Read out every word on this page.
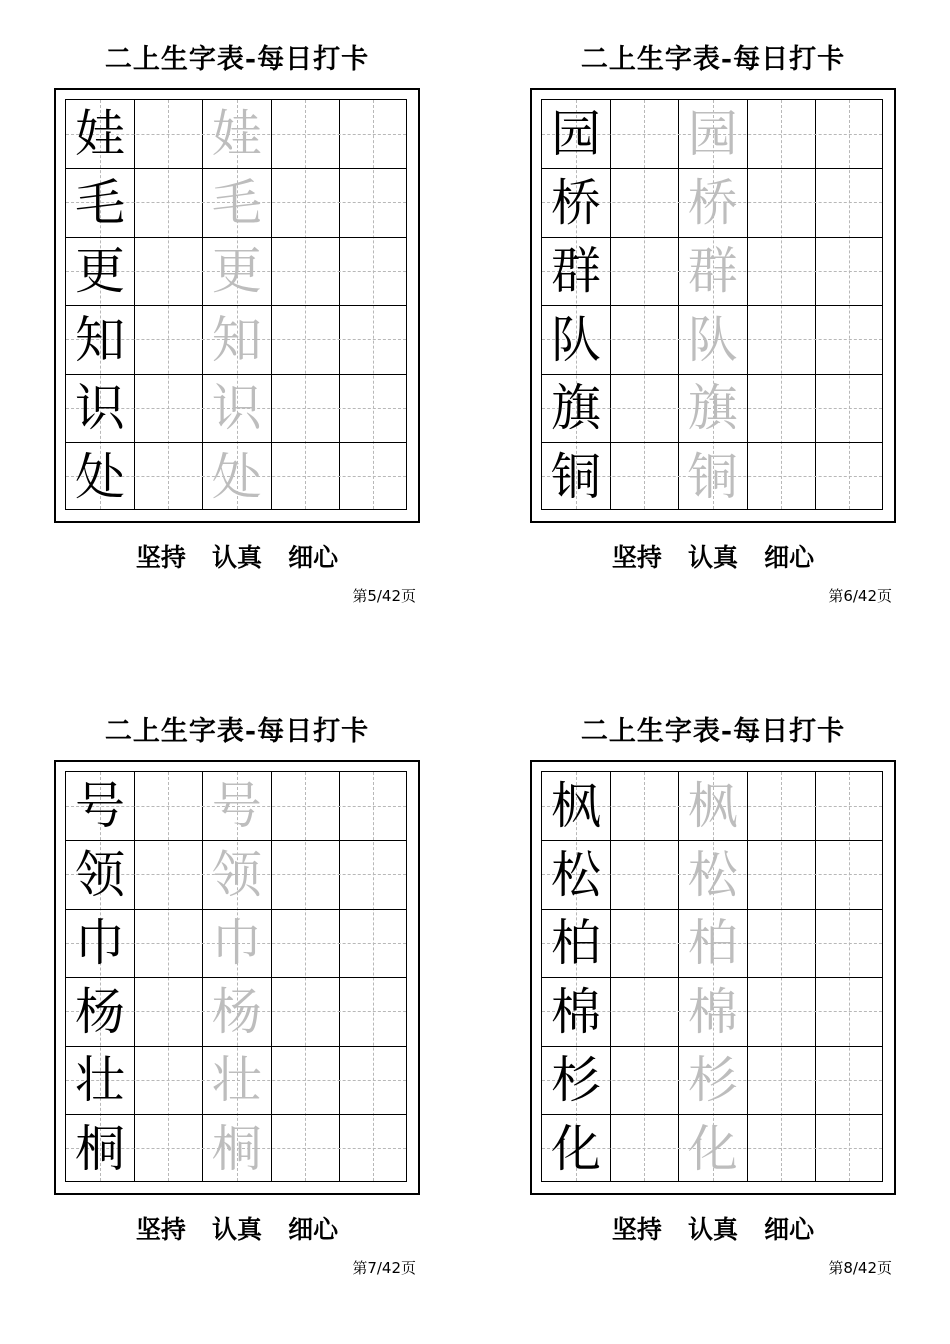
二上生字表-每日打卡
娃 娃
毛 毛
更 更
知 知
识 识
处 处
坚持   认真   细心
第5/42页
二上生字表-每日打卡
园 园
桥 桥
群 群
队 队
旗 旗
铜 铜
坚持   认真   细心
第6/42页
二上生字表-每日打卡
号 号
领 领
巾 巾
杨 杨
壮 壮
桐 桐
坚持   认真   细心
第7/42页
二上生字表-每日打卡
枫 枫
松 松
柏 柏
棉 棉
杉 杉
化 化
坚持   认真   细心
第8/42页
